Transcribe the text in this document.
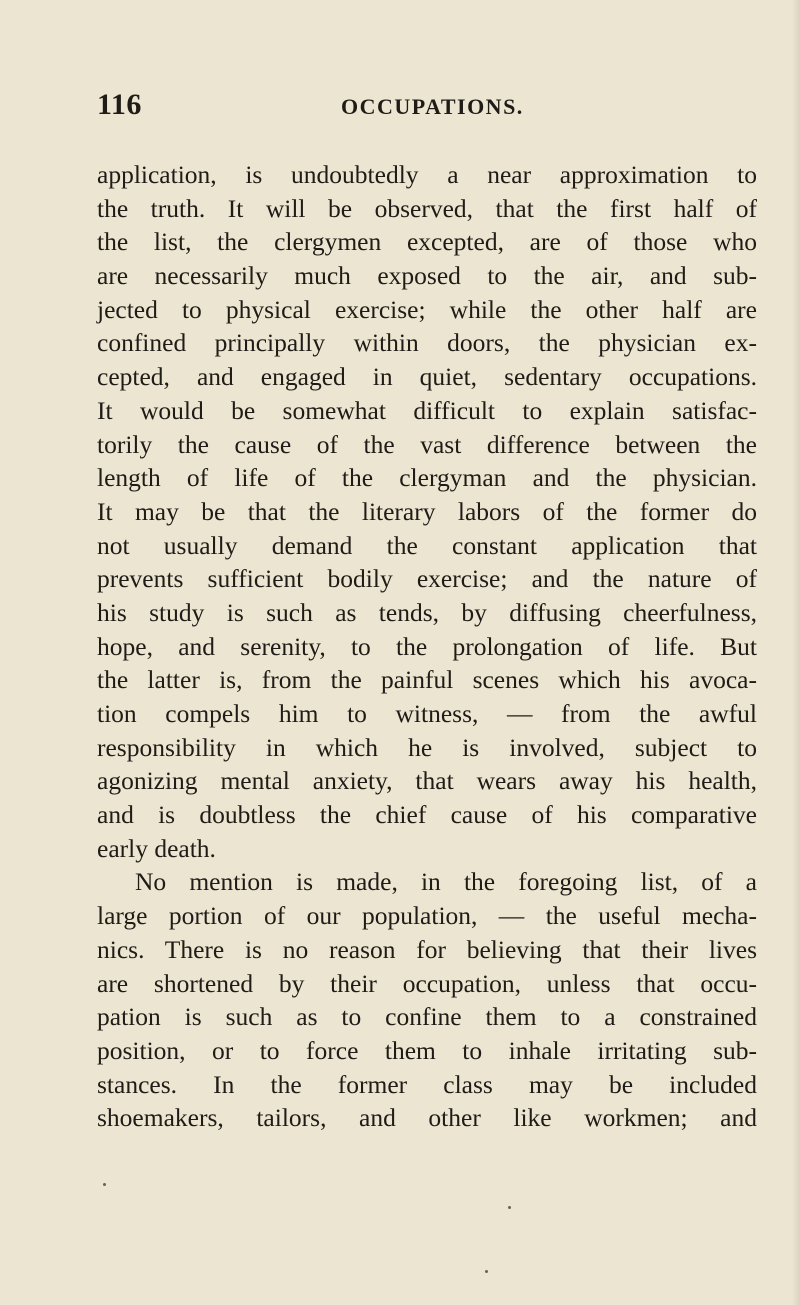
116	OCCUPATIONS.
application, is undoubtedly a near approximation to
the truth. It will be observed, that the first half of
the list, the clergymen excepted, are of those who
are necessarily much exposed to the air, and sub-
jected to physical exercise; while the other half are
confined principally within doors, the physician ex-
cepted, and engaged in quiet, sedentary occupations.
It would be somewhat difficult to explain satisfac-
torily the cause of the vast difference between the
length of life of the clergyman and the physician.
It may be that the literary labors of the former do
not usually demand the constant application that
prevents sufficient bodily exercise; and the nature of
his study is such as tends, by diffusing cheerfulness,
hope, and serenity, to the prolongation of life. But
the latter is, from the painful scenes which his avoca-
tion compels him to witness, — from the awful
responsibility in which he is involved, subject to
agonizing mental anxiety, that wears away his health,
and is doubtless the chief cause of his comparative
early death.
No mention is made, in the foregoing list, of a
large portion of our population, — the useful mecha-
nics. There is no reason for believing that their lives
are shortened by their occupation, unless that occu-
pation is such as to confine them to a constrained
position, or to force them to inhale irritating sub-
stances. In the former class may be included
shoemakers, tailors, and other like workmen; and
